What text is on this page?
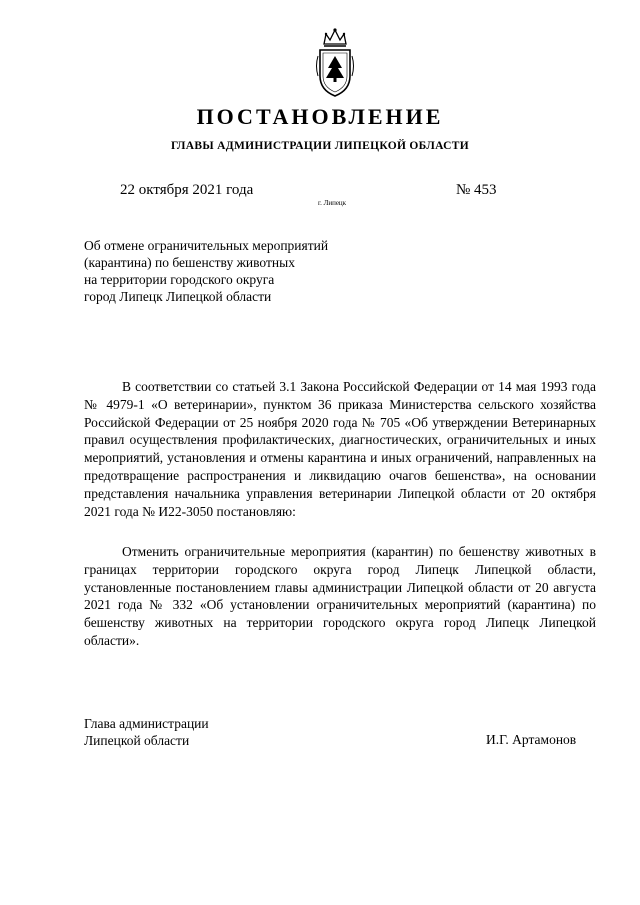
ПОСТАНОВЛЕНИЕ
ГЛАВЫ АДМИНИСТРАЦИИ ЛИПЕЦКОЙ ОБЛАСТИ
22 октября 2021 года
г. Липецк
№ 453
Об отмене ограничительных мероприятий
(карантина) по бешенству животных
на территории городского округа
город Липецк Липецкой области

В соответствии со статьей 3.1 Закона Российской Федерации от 14 мая 1993 года № 4979-1 «О ветеринарии», пунктом 36 приказа Министерства сельского хозяйства Российской Федерации от 25 ноября 2020 года № 705 «Об утверждении Ветеринарных правил осуществления профилактических, диагностических, ограничительных и иных мероприятий, установления и отмены карантина и иных ограничений, направленных на предотвращение распространения и ликвидацию очагов бешенства», на основании представления начальника управления ветеринарии Липецкой области от 20 октября 2021 года № И22-3050 постановляю:

Отменить ограничительные мероприятия (карантин) по бешенству животных в границах территории городского округа город Липецк Липецкой области, установленные постановлением главы администрации Липецкой области от 20 августа 2021 года № 332 «Об установлении ограничительных мероприятий (карантина) по бешенству животных на территории городского округа город Липецк Липецкой области».

Глава администрации
Липецкой области	И.Г. Артамонов
